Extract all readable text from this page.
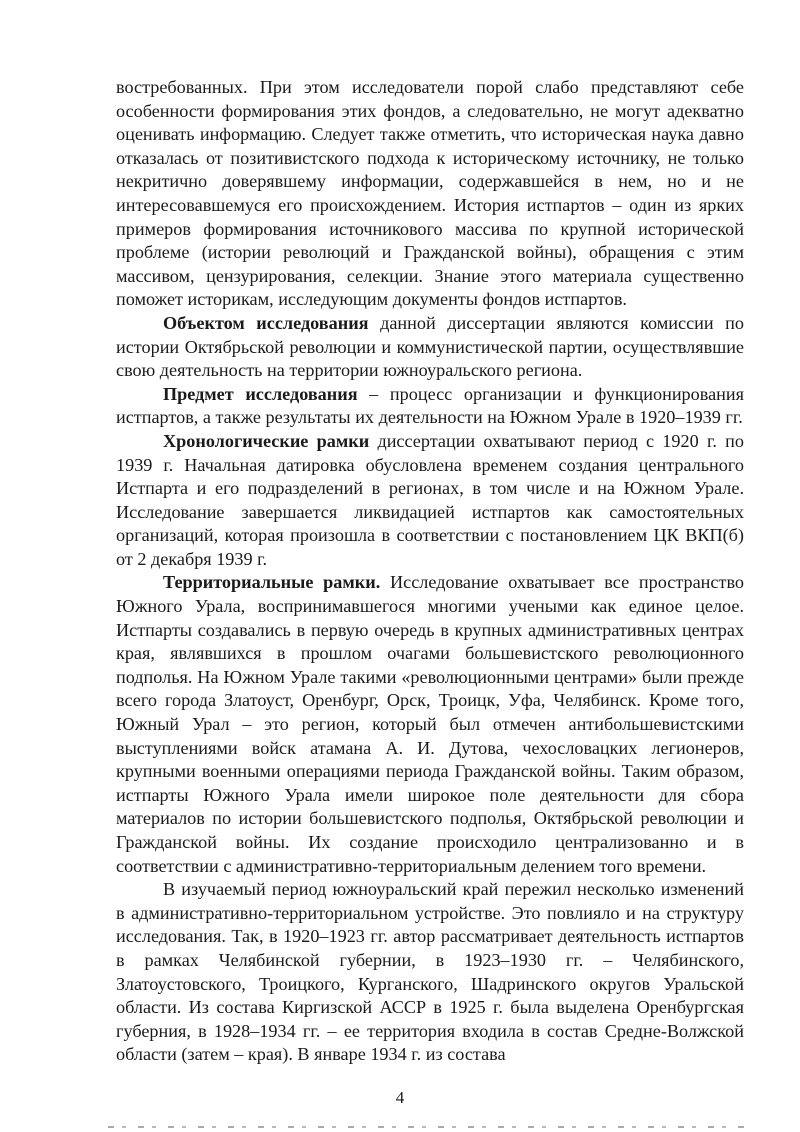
востребованных. При этом исследователи порой слабо представляют себе особенности формирования этих фондов, а следовательно, не могут адекватно оценивать информацию. Следует также отметить, что историческая наука давно отказалась от позитивистского подхода к историческому источнику, не только некритично доверявшему информации, содержавшейся в нем, но и не интересовавшемуся его происхождением. История истпартов – один из ярких примеров формирования источникового массива по крупной исторической проблеме (истории революций и Гражданской войны), обращения с этим массивом, цензурирования, селекции. Знание этого материала существенно поможет историкам, исследующим документы фондов истпартов.

Объектом исследования данной диссертации являются комиссии по истории Октябрьской революции и коммунистической партии, осуществлявшие свою деятельность на территории южноуральского региона.

Предмет исследования – процесс организации и функционирования истпартов, а также результаты их деятельности на Южном Урале в 1920–1939 гг.

Хронологические рамки диссертации охватывают период с 1920 г. по 1939 г. Начальная датировка обусловлена временем создания центрального Истпарта и его подразделений в регионах, в том числе и на Южном Урале. Исследование завершается ликвидацией истпартов как самостоятельных организаций, которая произошла в соответствии с постановлением ЦК ВКП(б) от 2 декабря 1939 г.

Территориальные рамки. Исследование охватывает все пространство Южного Урала, воспринимавшегося многими учеными как единое целое. Истпарты создавались в первую очередь в крупных административных центрах края, являвшихся в прошлом очагами большевистского революционного подполья. На Южном Урале такими «революционными центрами» были прежде всего города Златоуст, Оренбург, Орск, Троицк, Уфа, Челябинск. Кроме того, Южный Урал – это регион, который был отмечен антибольшевистскими выступлениями войск атамана А. И. Дутова, чехословацких легионеров, крупными военными операциями периода Гражданской войны. Таким образом, истпарты Южного Урала имели широкое поле деятельности для сбора материалов по истории большевистского подполья, Октябрьской революции и Гражданской войны. Их создание происходило централизованно и в соответствии с административно-территориальным делением того времени.

В изучаемый период южноуральский край пережил несколько изменений в административно-территориальном устройстве. Это повлияло и на структуру исследования. Так, в 1920–1923 гг. автор рассматривает деятельность истпартов в рамках Челябинской губернии, в 1923–1930 гг. – Челябинского, Златоустовского, Троицкого, Курганского, Шадринского округов Уральской области. Из состава Киргизской АССР в 1925 г. была выделена Оренбургская губерния, в 1928–1934 гг. – ее территория входила в состав Средне-Волжской области (затем – края). В январе 1934 г. из состава

4
